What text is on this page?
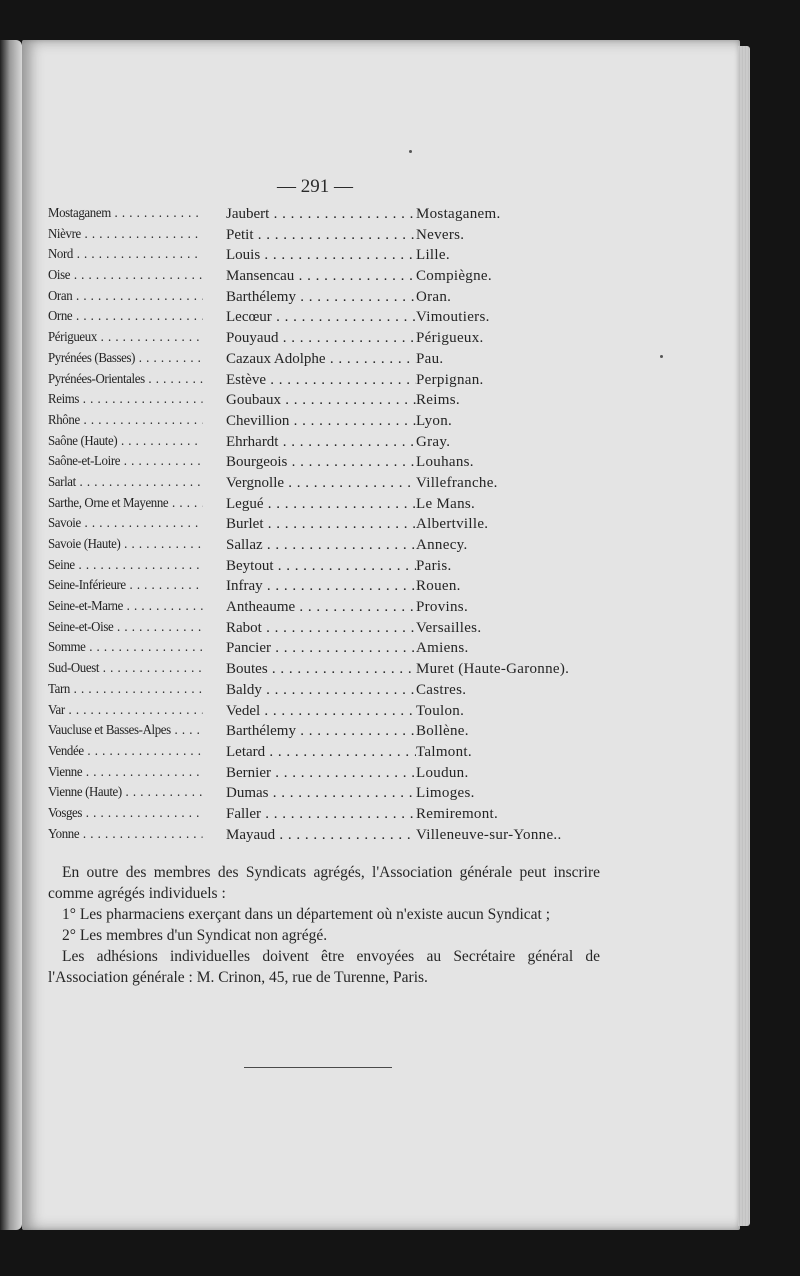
— 291 —
Mostaganem . . .	Jaubert . . .	Mostaganem.
Nièvre . . .	Petit . . .	Nevers.
Nord . . .	Louis . . .	Lille.
Oise . . .	Mansencau . . .	Compiègne.
Oran . . .	Barthélemy . . .	Oran.
Orne . . .	Lecœur . . .	Vimoutiers.
Périgueux . . .	Pouyaud . . .	Périgueux.
Pyrénées (Basses) . . .	Cazaux Adolphe . . .	Pau.
Pyrénées-Orientales . . .	Estève . . .	Perpignan.
Reims . . .	Goubaux . . .	Reims.
Rhône . . .	Chevillion . . .	Lyon.
Saône (Haute) . . .	Ehrhardt . . .	Gray.
Saône-et-Loire . . .	Bourgeois . . .	Louhans.
Sarlat . . .	Vergnolle . . .	Villefranche.
Sarthe, Orne et Mayenne . . .	Legué . . .	Le Mans.
Savoie . . .	Burlet . . .	Albertville.
Savoie (Haute) . . .	Sallaz . . .	Annecy.
Seine . . .	Beytout . . .	Paris.
Seine-Inférieure . . .	Infray . . .	Rouen.
Seine-et-Marne . . .	Antheaume . . .	Provins.
Seine-et-Oise . . .	Rabot . . .	Versailles.
Somme . . .	Pancier . . .	Amiens.
Sud-Ouest . . .	Boutes . . .	Muret (Haute-Garonne).
Tarn . . .	Baldy . . .	Castres.
Var . . .	Vedel . . .	Toulon.
Vaucluse et Basses-Alpes . . .	Barthélemy . . .	Bollène.
Vendée . . .	Letard . . .	Talmont.
Vienne . . .	Bernier . . .	Loudun.
Vienne (Haute) . . .	Dumas . . .	Limoges.
Vosges . . .	Faller . . .	Remiremont.
Yonne . . .	Mayaud . . .	Villeneuve-sur-Yonne..

En outre des membres des Syndicats agrégés, l'Association générale peut inscrire comme agrégés individuels :

1° Les pharmaciens exerçant dans un département où n'existe aucun Syndicat ;

2° Les membres d'un Syndicat non agrégé.

Les adhésions individuelles doivent être envoyées au Secrétaire général de l'Association générale : M. Crinon, 45, rue de Turenne, Paris.
